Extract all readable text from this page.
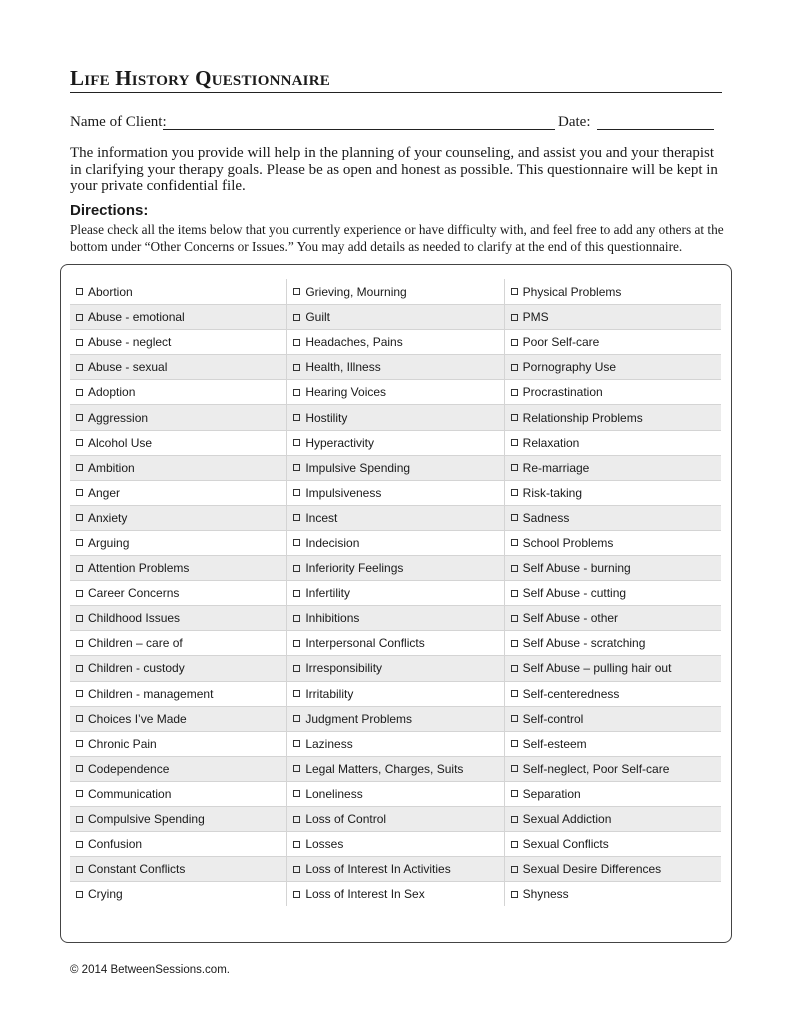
Life History Questionnaire
Name of Client:	Date:
The information you provide will help in the planning of your counseling, and assist you and your therapist in clarifying your therapy goals. Please be as open and honest as possible. This questionnaire will be kept in your private confidential file.
Directions:
Please check all the items below that you currently experience or have difficulty with, and feel free to add any others at the bottom under “Other Concerns or Issues.” You may add details as needed to clarify at the end of this questionnaire.
Abortion	Grieving, Mourning	Physical Problems
Abuse - emotional	Guilt	PMS
Abuse - neglect	Headaches, Pains	Poor Self-care
Abuse - sexual	Health, Illness	Pornography Use
Adoption	Hearing Voices	Procrastination
Aggression	Hostility	Relationship Problems
Alcohol Use	Hyperactivity	Relaxation
Ambition	Impulsive Spending	Re-marriage
Anger	Impulsiveness	Risk-taking
Anxiety	Incest	Sadness
Arguing	Indecision	School Problems
Attention Problems	Inferiority Feelings	Self Abuse - burning
Career Concerns	Infertility	Self Abuse - cutting
Childhood Issues	Inhibitions	Self Abuse - other
Children – care of	Interpersonal Conflicts	Self Abuse - scratching
Children - custody	Irresponsibility	Self Abuse – pulling hair out
Children - management	Irritability	Self-centeredness
Choices I’ve Made	Judgment Problems	Self-control
Chronic Pain	Laziness	Self-esteem
Codependence	Legal Matters, Charges, Suits	Self-neglect, Poor Self-care
Communication	Loneliness	Separation
Compulsive Spending	Loss of Control	Sexual Addiction
Confusion	Losses	Sexual Conflicts
Constant Conflicts	Loss of Interest In Activities	Sexual Desire Differences
Crying	Loss of Interest In Sex	Shyness
© 2014 BetweenSessions.com.
